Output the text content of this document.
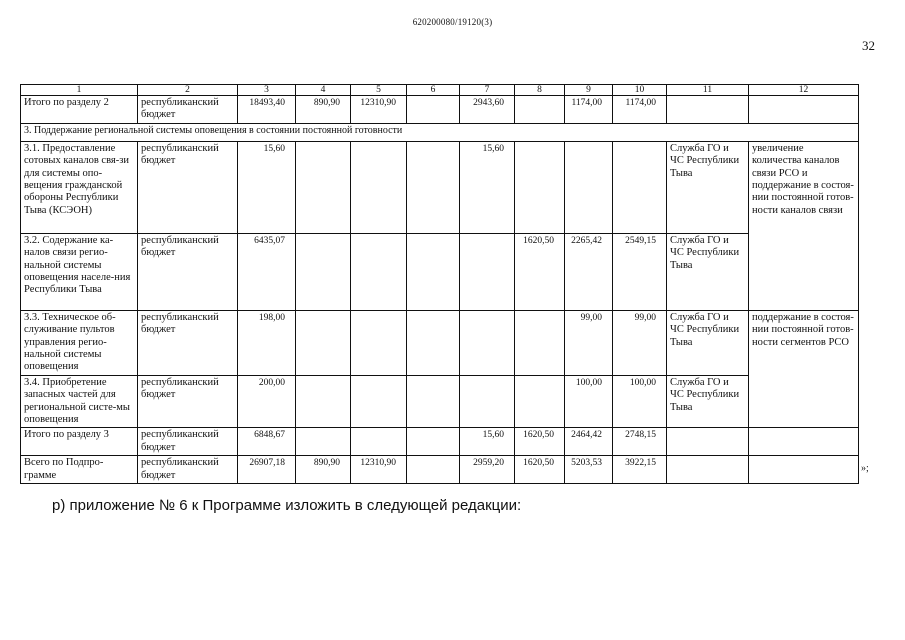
620200080/19120(3)
32
1	2	3	4	5	6	7	8	9	10	11	12
Итого по разделу 2	республиканский бюджет	18493,40	890,90	12310,90		2943,60		1174,00	1174,00		
3. Поддержание региональной системы оповещения в состоянии постоянной готовности											
3.1. Предоставление сотовых каналов свя-зи для системы опо-вещения гражданской обороны Республики Тыва (КСЭОН)	республиканский бюджет	15,60				15,60				Служба ГО и ЧС Республики Тыва	увеличение количества каналов связи РСО и поддержание в состоя-нии постоянной готов-ности каналов связи
3.2. Содержание ка-налов связи регио-нальной системы оповещения населе-ния Республики Тыва	республиканский бюджет	6435,07					1620,50	2265,42	2549,15	Служба ГО и ЧС Республики Тыва	
3.3. Техническое об-служивание пультов управления регио-нальной системы оповещения	республиканский бюджет	198,00						99,00	99,00	Служба ГО и ЧС Республики Тыва	поддержание в состоя-нии постоянной готов-ности сегментов РСО
3.4. Приобретение запасных частей для региональной систе-мы оповещения	республиканский бюджет	200,00						100,00	100,00	Служба ГО и ЧС Республики Тыва	
Итого по разделу 3	республиканский бюджет	6848,67				15,60	1620,50	2464,42	2748,15		
Всего по Подпро-грамме	республиканский бюджет	26907,18	890,90	12310,90		2959,20	1620,50	5203,53	3922,15			»;
р) приложение № 6 к Программе изложить в следующей редакции:
